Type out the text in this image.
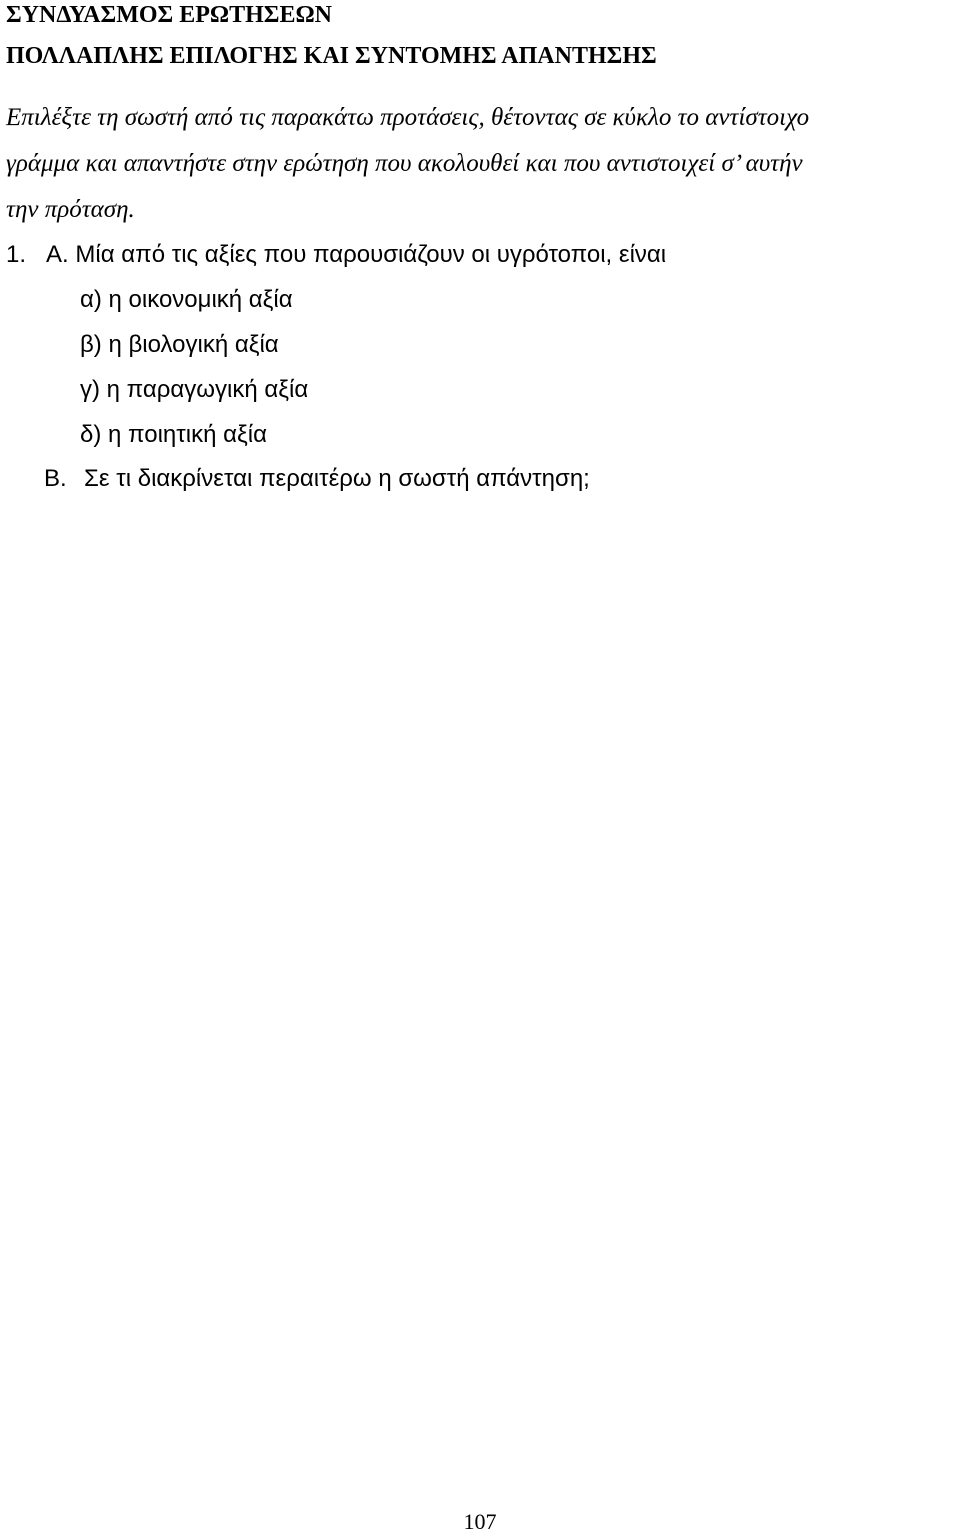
ΣΥΝΔΥΑΣΜΟΣ ΕΡΩΤΗΣΕΩΝ
ΠΟΛΛΑΠΛΗΣ ΕΠΙΛΟΓΗΣ ΚΑΙ ΣΥΝΤΟΜΗΣ ΑΠΑΝΤΗΣΗΣ
Επιλέξτε τη σωστή από τις παρακάτω προτάσεις, θέτοντας σε κύκλο το αντίστοιχο
γράμμα και απαντήστε στην ερώτηση που ακολουθεί και που αντιστοιχεί σ’ αυτήν
την πρόταση.
1. Α. Μία από τις αξίες που παρουσιάζουν οι υγρότοποι, είναι
α) η οικονομική αξία
β) η βιολογική αξία
γ) η παραγωγική αξία
δ) η ποιητική αξία
Β. Σε τι διακρίνεται περαιτέρω η σωστή απάντηση;
107
